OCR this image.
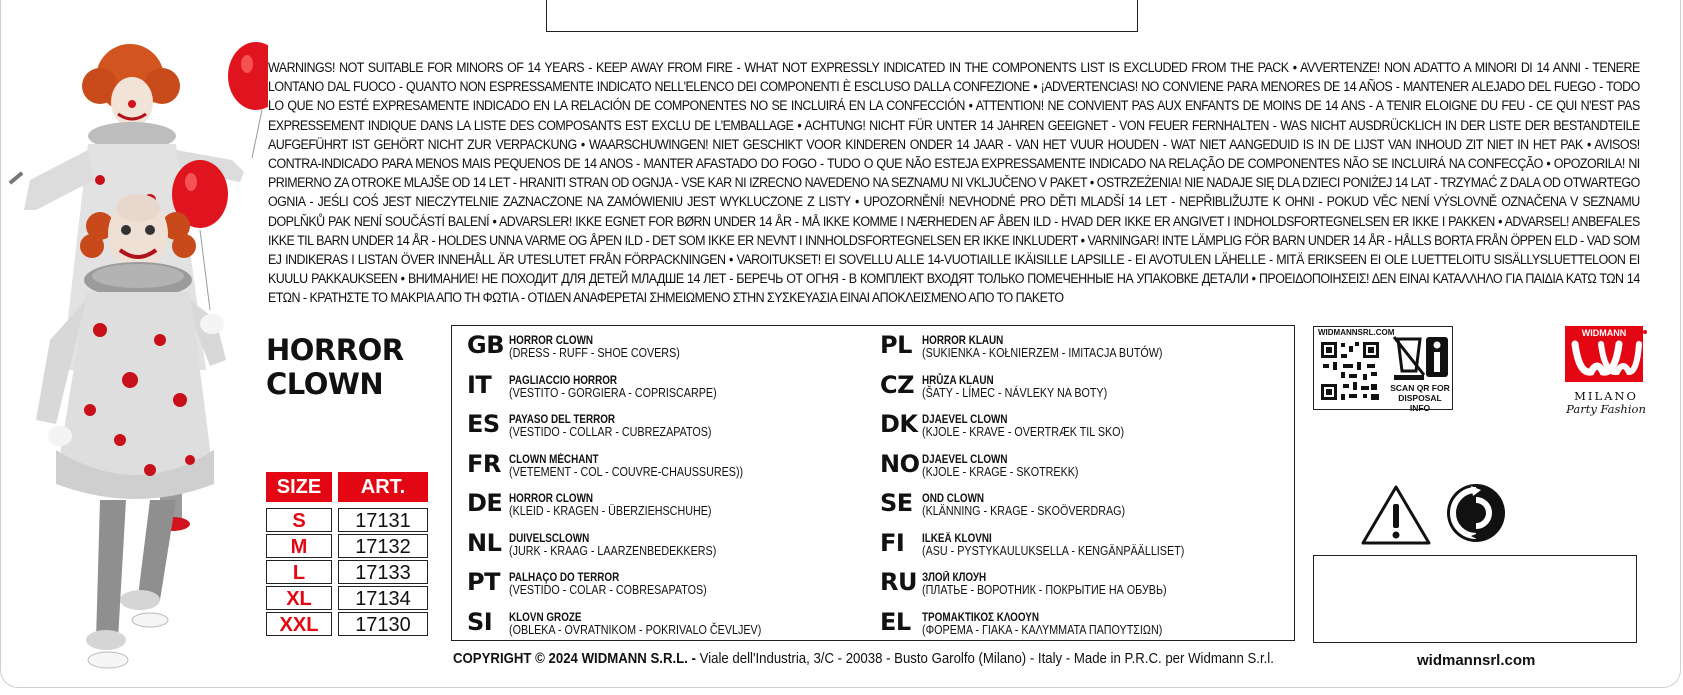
WARNINGS! NOT SUITABLE FOR MINORS OF 14 YEARS - KEEP AWAY FROM FIRE - WHAT NOT EXPRESSLY INDICATED IN THE COMPONENTS LIST IS EXCLUDED FROM THE PACK • AVVERTENZE! NON ADATTO A MINORI DI 14 ANNI - TENERE LONTANO DAL FUOCO - QUANTO NON ESPRESSAMENTE INDICATO NELL'ELENCO DEI COMPONENTI È ESCLUSO DALLA CONFEZIONE • ¡ADVERTENCIAS! NO CONVIENE PARA MENORES DE 14 AÑOS - MANTENER ALEJADO DEL FUEGO - TODO LO QUE NO ESTÉ EXPRESAMENTE INDICADO EN LA RELACIÓN DE COMPONENTES NO SE INCLUIRÁ EN LA CONFECCIÓN • ATTENTION! NE CONVIENT PAS AUX ENFANTS DE MOINS DE 14 ANS - A TENIR ELOIGNE DU FEU - CE QUI N'EST PAS EXPRESSEMENT INDIQUE DANS LA LISTE DES COMPOSANTS EST EXCLU DE L'EMBALLAGE • ACHTUNG! NICHT FÜR UNTER 14 JAHREN GEEIGNET - VON FEUER FERNHALTEN - WAS NICHT AUSDRÜCKLICH IN DER LISTE DER BESTANDTEILE AUFGEFÜHRT IST GEHÖRT NICHT ZUR VERPACKUNG • WAARSCHUWINGEN! NIET GESCHIKT VOOR KINDEREN ONDER 14 JAAR - VAN HET VUUR HOUDEN - WAT NIET AANGEDUID IS IN DE LIJST VAN INHOUD ZIT NIET IN HET PAK • AVISOS! CONTRA-INDICADO PARA MENOS MAIS PEQUENOS DE 14 ANOS - MANTER AFASTADO DO FOGO - TUDO O QUE NÃO ESTEJA EXPRESSAMENTE INDICADO NA RELAÇÃO DE COMPONENTES NÃO SE INCLUIRÁ NA CONFECÇÃO • OPOZORILA! NI PRIMERNO ZA OTROKE MLAJŠE OD 14 LET - HRANITI STRAN OD OGNJA - VSE KAR NI IZRECNO NAVEDENO NA SEZNAMU NI VKLJUČENO V PAKET • OSTRZEŻENIA! NIE NADAJE SIĘ DLA DZIECI PONIŻEJ 14 LAT - TRZYMAĆ Z DALA OD OTWARTEGO OGNIA - JEŚLI COŚ JEST NIECZYTELNIE ZAZNACZONE NA ZAMÓWIENIU JEST WYKLUCZONE Z LISTY • UPOZORNĚNÍ! NEVHODNÉ PRO DĚTI MLADŠÍ 14 LET - NEPŘIBLIŽUJTE K OHNI - POKUD VĚC NENÍ VÝSLOVNĚ OZNAČENA V SEZNAMU DOPLŇKŮ PAK NENÍ SOUČÁSTÍ BALENÍ • ADVARSLER! IKKE EGNET FOR BØRN UNDER 14 ÅR - MÅ IKKE KOMME I NÆRHEDEN AF ÅBEN ILD - HVAD DER IKKE ER ANGIVET I INDHOLDSFORTEGNELSEN ER IKKE I PAKKEN • ADVARSEL! ANBEFALES IKKE TIL BARN UNDER 14 ÅR - HOLDES UNNA VARME OG ÅPEN ILD - DET SOM IKKE ER NEVNT I INNHOLDSFORTEGNELSEN ER IKKE INKLUDERT • VARNINGAR! INTE LÄMPLIG FÖR BARN UNDER 14 ÅR - HÅLLS BORTA FRÅN ÖPPEN ELD - VAD SOM EJ INDIKERAS I LISTAN ÖVER INNEHÅLL ÄR UTESLUTET FRÅN FÖRPACKNINGEN • VAROITUKSET! EI SOVELLU ALLE 14-VUOTIAILLE IKÄISILLE LAPSILLE - EI AVOTULEN LÄHELLE - MITÄ ERIKSEEN EI OLE LUETTELOITU SISÄLLYSLUETTELOON EI KUULU PAKKAUKSEEN • ВНИМАНИЕ! НЕ ПОХОДИТ ДЛЯ ДЕТЕЙ МЛАДШЕ 14 ЛЕТ - БЕРЕЧЬ ОТ ОГНЯ - В КОМПЛЕКТ ВХОДЯТ ТОЛЬКО ПОМЕЧЕННЫЕ НА УПАКОВКЕ ДЕТАЛИ • ΠΡΟΕΙΔΟΠΟΙΗΣΕΙΣ! ΔΕΝ ΕΙΝΑΙ ΚΑΤΑΛΛΗΛΟ ΓΙΑ ΠΑΙΔΙΑ ΚΑΤΩ ΤΩΝ 14 ΕΤΩΝ - ΚΡΑΤΗΣΤΕ ΤΟ ΜΑΚΡΙΑ ΑΠΟ ΤΗ ΦΩΤΙΑ - ΟΤΙΔΕΝ ΑΝΑΦΕΡΕΤΑΙ ΣΗΜΕΙΩΜΕΝΟ ΣΤΗΝ ΣΥΣΚΕΥΑΣΙΑ ΕΙΝΑΙ ΑΠΟΚΛΕΙΣΜΕΝΟ ΑΠΟ ΤΟ ΠΑΚΕΤΟ
HORROR
CLOWN
SIZE	ART.
S	17131
M	17132
L	17133
XL	17134
XXL	17130
GB HORROR CLOWN
(DRESS - RUFF - SHOE COVERS)
IT	PAGLIACCIO HORROR
(VESTITO - GORGIERA - COPRISCARPE)
ES PAYASO DEL TERROR
(VESTIDO - COLLAR - CUBREZAPATOS)
FR CLOWN MÉCHANT
(VETEMENT - COL - COUVRE-CHAUSSURES))
DE HORROR CLOWN
(KLEID - KRAGEN - ÜBERZIEHSCHUHE)
NL DUIVELSCLOWN
(JURK - KRAAG - LAARZENBEDEKKERS)
PT PALHAÇO DO TERROR
(VESTIDO - COLAR - COBRESAPATOS)
SI	KLOVN GROZE
(OBLEKA - OVRATNIKOM - POKRIVALO ČEVLJEV)
PL HORROR KLAUN
(SUKIENKA - KOŁNIERZEM - IMITACJA BUTÓW)
CZ HRŮZA KLAUN
(ŠATY - LÍMEC - NÁVLEKY NA BOTY)
DK DJAEVEL CLOWN
(KJOLE - KRAVE - OVERTRÆK TIL SKO)
NO DJAEVEL CLOWN
(KJOLE - KRAGE - SKOTREKK)
SE OND CLOWN
(KLÄNNING - KRAGE - SKOÖVERDRAG)
FI	ILKEÄ KLOVNI
(ASU - PYSTYKAULUKSELLA - KENGÄNPÄÄLLISET)
RU ЗЛОЙ КЛОУН
(ПЛАТЬЕ - ВОРОТНИК - ПОКРЫТИЕ НА ОБУВЬ)
EL ΤΡΟΜΑΚΤΙΚΟΣ ΚΛΟΟΥΝ
(ΦΟΡΕΜΑ - ΓΙΑΚΑ - ΚΑΛΥΜΜΑΤΑ ΠΑΠΟΥΤΣΙΩΝ)
COPYRIGHT © 2024 WIDMANN S.R.L. - Viale dell'Industria, 3/C - 20038 - Busto Garolfo (Milano) - Italy - Made in P.R.C. per Widmann S.r.l.
WIDMANNSRL.COM
SCAN QR FOR DISPOSAL INFO
WIDMANN
MILANO
Party Fashion
widmannsrl.com
